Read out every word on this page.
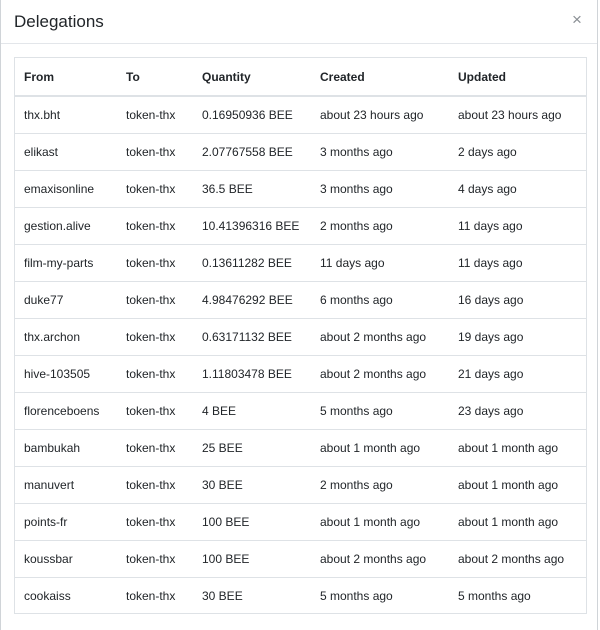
Delegations	×
From	To	Quantity	Created	Updated
thx.bht	token-thx	0.16950936 BEE	about 23 hours ago	about 23 hours ago
elikast	token-thx	2.07767558 BEE	3 months ago	2 days ago
emaxisonline	token-thx	36.5 BEE	3 months ago	4 days ago
gestion.alive	token-thx	10.41396316 BEE	2 months ago	11 days ago
film-my-parts	token-thx	0.13611282 BEE	11 days ago	11 days ago
duke77	token-thx	4.98476292 BEE	6 months ago	16 days ago
thx.archon	token-thx	0.63171132 BEE	about 2 months ago	19 days ago
hive-103505	token-thx	1.11803478 BEE	about 2 months ago	21 days ago
florenceboens	token-thx	4 BEE	5 months ago	23 days ago
bambukah	token-thx	25 BEE	about 1 month ago	about 1 month ago
manuvert	token-thx	30 BEE	2 months ago	about 1 month ago
points-fr	token-thx	100 BEE	about 1 month ago	about 1 month ago
koussbar	token-thx	100 BEE	about 2 months ago	about 2 months ago
cookaiss	token-thx	30 BEE	5 months ago	5 months ago
